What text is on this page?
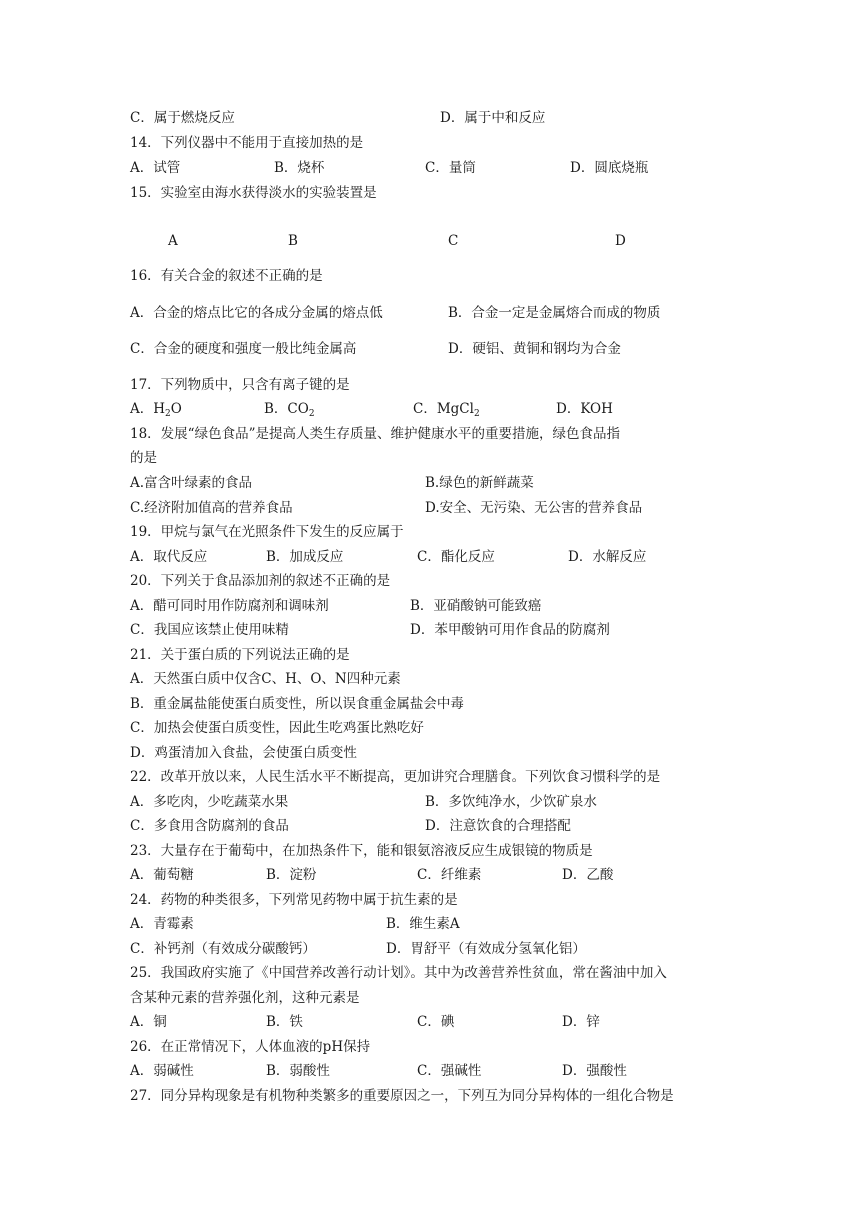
C．属于燃烧反应	D．属于中和反应
14．下列仪器中不能用于直接加热的是
A．试管	B．烧杯	C．量筒	D．圆底烧瓶
15．实验室由海水获得淡水的实验装置是
A	B	C	D
16．有关合金的叙述不正确的是
A．合金的熔点比它的各成分金属的熔点低	B．合金一定是金属熔合而成的物质
C．合金的硬度和强度一般比纯金属高	D．硬铝、黄铜和钢均为合金
17．下列物质中，只含有离子键的是
A．$H_2O$	B．$CO_2$	C．MgCl$_2$	D．KOH
18．发展“绿色食品”是提高人类生存质量、维护健康水平的重要措施，绿色食品指
的是
A.富含叶绿素的食品	B.绿色的新鲜蔬菜
C.经济附加值高的营养食品	D.安全、无污染、无公害的营养食品
19．甲烷与氯气在光照条件下发生的反应属于
A．取代反应	B．加成反应	C．酯化反应	D．水解反应
20．下列关于食品添加剂的叙述不正确的是
A．醋可同时用作防腐剂和调味剂	B．亚硝酸钠可能致癌
C．我国应该禁止使用味精	D．苯甲酸钠可用作食品的防腐剂
21．关于蛋白质的下列说法正确的是
A．天然蛋白质中仅含C、H、O、N四种元素
B．重金属盐能使蛋白质变性，所以误食重金属盐会中毒
C．加热会使蛋白质变性，因此生吃鸡蛋比熟吃好
D．鸡蛋清加入食盐，会使蛋白质变性
22．改革开放以来，人民生活水平不断提高，更加讲究合理膳食。下列饮食习惯科学的是
A．多吃肉，少吃蔬菜水果	B．多饮纯净水，少饮矿泉水
C．多食用含防腐剂的食品	D．注意饮食的合理搭配
23．大量存在于葡萄中，在加热条件下，能和银氨溶液反应生成银镜的物质是
A．葡萄糖	B．淀粉	C．纤维素	D．乙酸
24．药物的种类很多，下列常见药物中属于抗生素的是
A．青霉素	B．维生素A
C．补钙剂（有效成分碳酸钙）	D．胃舒平（有效成分氢氧化铝）
25．我国政府实施了《中国营养改善行动计划》。其中为改善营养性贫血，常在酱油中加入
含某种元素的营养强化剂，这种元素是
A．铜	B．铁	C．碘	D．锌
26．在正常情况下，人体血液的pH保持
A．弱碱性	B．弱酸性	C．强碱性	D．强酸性
27．同分异构现象是有机物种类繁多的重要原因之一，下列互为同分异构体的一组化合物是
